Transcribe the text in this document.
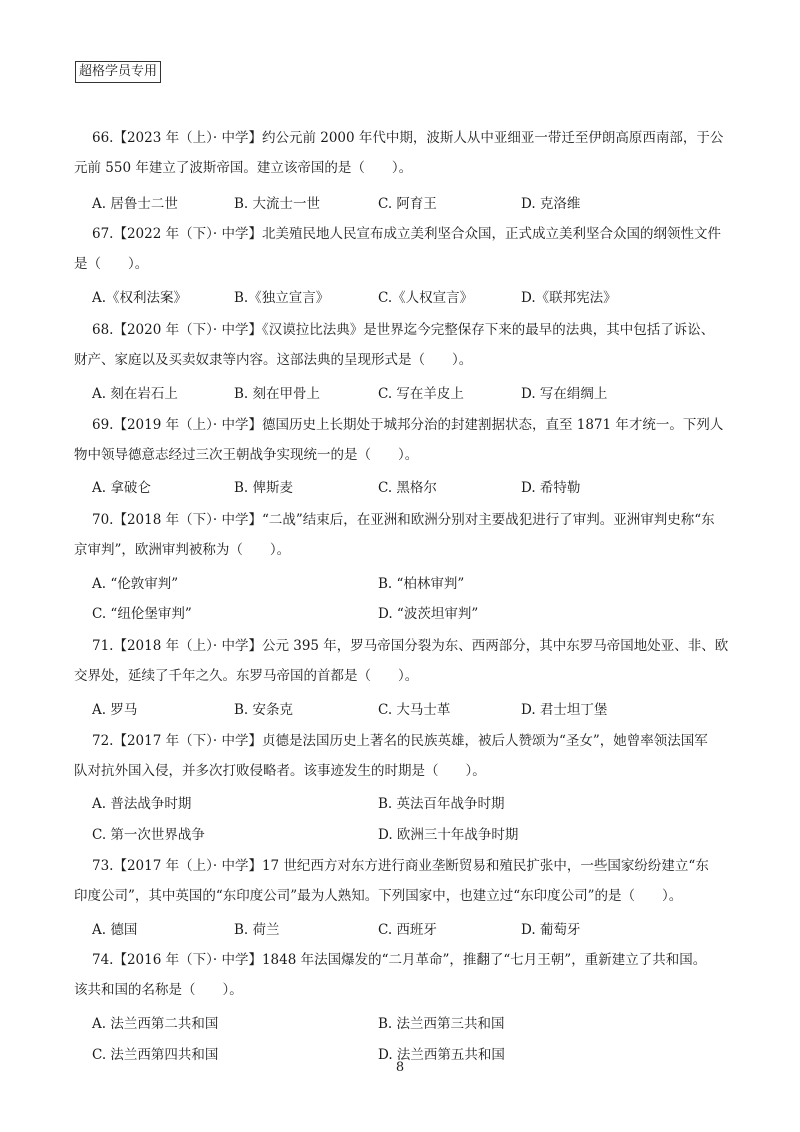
超格学员专用
66.【2023 年（上）· 中学】约公元前 2000 年代中期，波斯人从中亚细亚一带迁至伊朗高原西南部，于公
元前 550 年建立了波斯帝国。建立该帝国的是（　　）。
A. 居鲁士二世	B. 大流士一世	C. 阿育王	D. 克洛维
67.【2022 年（下）· 中学】北美殖民地人民宣布成立美利坚合众国，正式成立美利坚合众国的纲领性文件
是（　　）。
A.《权利法案》	B.《独立宣言》	C.《人权宣言》	D.《联邦宪法》
68.【2020 年（下）· 中学】《汉谟拉比法典》是世界迄今完整保存下来的最早的法典，其中包括了诉讼、
财产、家庭以及买卖奴隶等内容。这部法典的呈现形式是（　　）。
A. 刻在岩石上	B. 刻在甲骨上	C. 写在羊皮上	D. 写在绢绸上
69.【2019 年（上）· 中学】德国历史上长期处于城邦分治的封建割据状态，直至 1871 年才统一。下列人
物中领导德意志经过三次王朝战争实现统一的是（　　）。
A. 拿破仑	B. 俾斯麦	C. 黑格尔	D. 希特勒
70.【2018 年（下）· 中学】“二战”结束后，在亚洲和欧洲分别对主要战犯进行了审判。亚洲审判史称“东
京审判”，欧洲审判被称为（　　）。
A. “伦敦审判”	B. “柏林审判”
C. “纽伦堡审判”	D. “波茨坦审判”
71.【2018 年（上）· 中学】公元 395 年，罗马帝国分裂为东、西两部分，其中东罗马帝国地处亚、非、欧
交界处，延续了千年之久。东罗马帝国的首都是（　　）。
A. 罗马	B. 安条克	C. 大马士革	D. 君士坦丁堡
72.【2017 年（下）· 中学】贞德是法国历史上著名的民族英雄，被后人赞颂为“圣女”，她曾率领法国军
队对抗外国入侵，并多次打败侵略者。该事迹发生的时期是（　　）。
A. 普法战争时期	B. 英法百年战争时期
C. 第一次世界战争	D. 欧洲三十年战争时期
73.【2017 年（上）· 中学】17 世纪西方对东方进行商业垄断贸易和殖民扩张中，一些国家纷纷建立“东
印度公司”，其中英国的“东印度公司”最为人熟知。下列国家中，也建立过“东印度公司”的是（　　）。
A. 德国	B. 荷兰	C. 西班牙	D. 葡萄牙
74.【2016 年（下）· 中学】1848 年法国爆发的“二月革命”，推翻了“七月王朝”，重新建立了共和国。
该共和国的名称是（　　）。
A. 法兰西第二共和国	B. 法兰西第三共和国
C. 法兰西第四共和国	D. 法兰西第五共和国
8
